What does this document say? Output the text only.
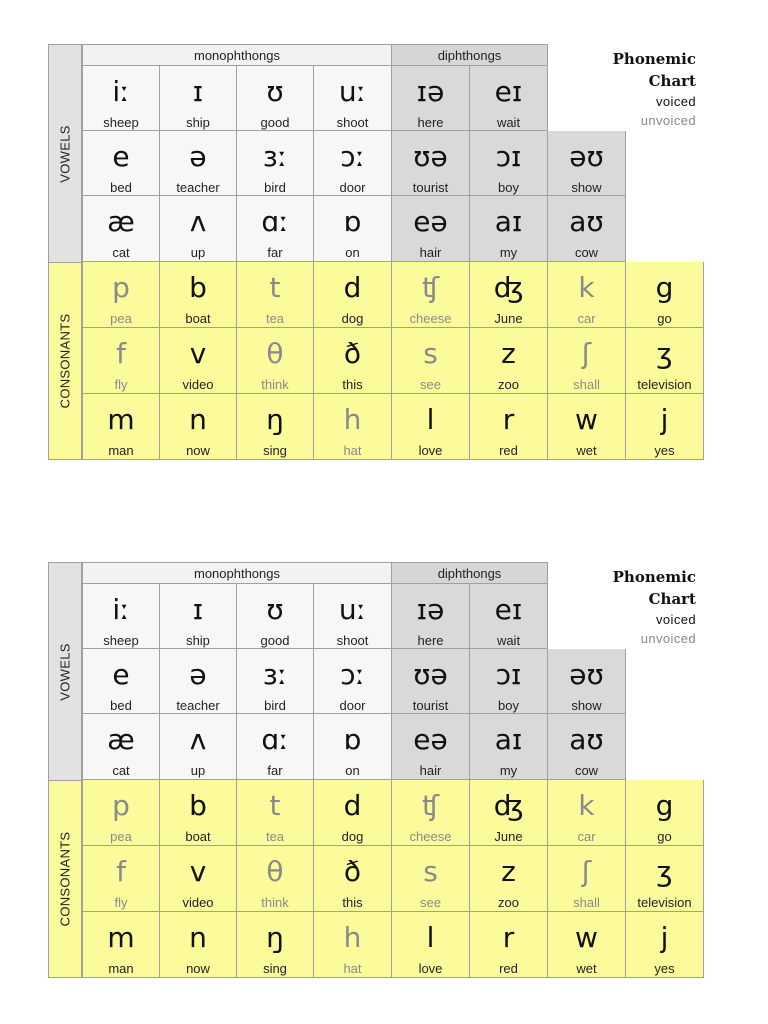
monophthongs	diphthongs
VOWELS
CONSONANTS
Phonemic
Chart
voiced
unvoiced
iː
sheep
ɪ
ship
ʊ
good
uː
shoot
e
bed
ə
teacher
ɜː
bird
ɔː
door
æ
cat
ʌ
up
ɑː
far
ɒ
on
ɪə
here
eɪ
wait
ʊə
tourist
ɔɪ
boy
əʊ
show
eə
hair
aɪ
my
aʊ
cow
p
pea
b
boat
t
tea
d
dog
ʧ
cheese
ʤ
June
k
car
g
go
f
fly
v
video
θ
think
ð
this
s
see
z
zoo
ʃ
shall
ʒ
television
m
man
n
now
ŋ
sing
h
hat
l
love
r
red
w
wet
j
yes
monophthongs	diphthongs
VOWELS
CONSONANTS
Phonemic
Chart
voiced
unvoiced
iː
sheep
ɪ
ship
ʊ
good
uː
shoot
e
bed
ə
teacher
ɜː
bird
ɔː
door
æ
cat
ʌ
up
ɑː
far
ɒ
on
ɪə
here
eɪ
wait
ʊə
tourist
ɔɪ
boy
əʊ
show
eə
hair
aɪ
my
aʊ
cow
p
pea
b
boat
t
tea
d
dog
ʧ
cheese
ʤ
June
k
car
g
go
f
fly
v
video
θ
think
ð
this
s
see
z
zoo
ʃ
shall
ʒ
television
m
man
n
now
ŋ
sing
h
hat
l
love
r
red
w
wet
j
yes
